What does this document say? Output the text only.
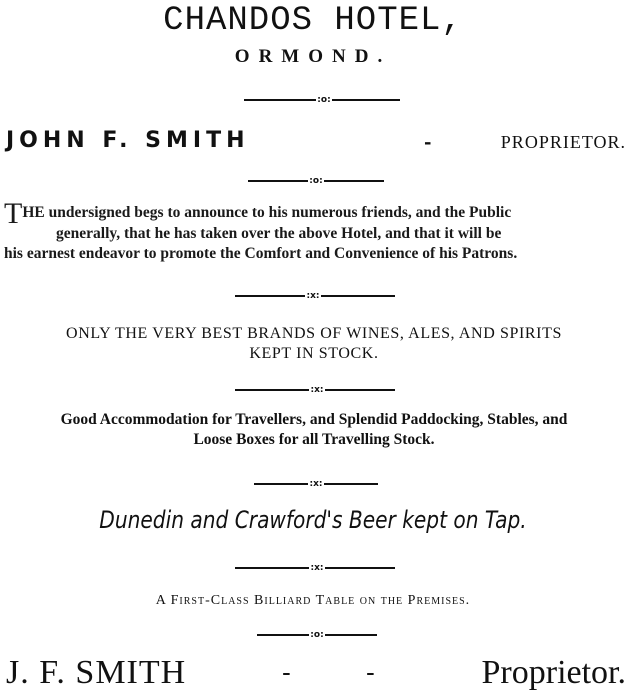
CHANDOS HOTEL,
ORMOND.
:o:
JOHN F. SMITH	-	PROPRIETOR.
:o:
THE undersigned begs to announce to his numerous friends, and the Public
generally, that he has taken over the above Hotel, and that it will be
his earnest endeavor to promote the Comfort and Convenience of his Patrons.
:x:
ONLY THE VERY BEST BRANDS OF WINES, ALES, AND SPIRITS
KEPT IN STOCK.
:x:
Good Accommodation for Travellers, and Splendid Paddocking, Stables, and
Loose Boxes for all Travelling Stock.
:x:
Dunedin and Crawford's Beer kept on Tap.
:x:
A First-Class Billiard Table on the Premises.
:o:
J. F. SMITH	-	-	Proprietor.
